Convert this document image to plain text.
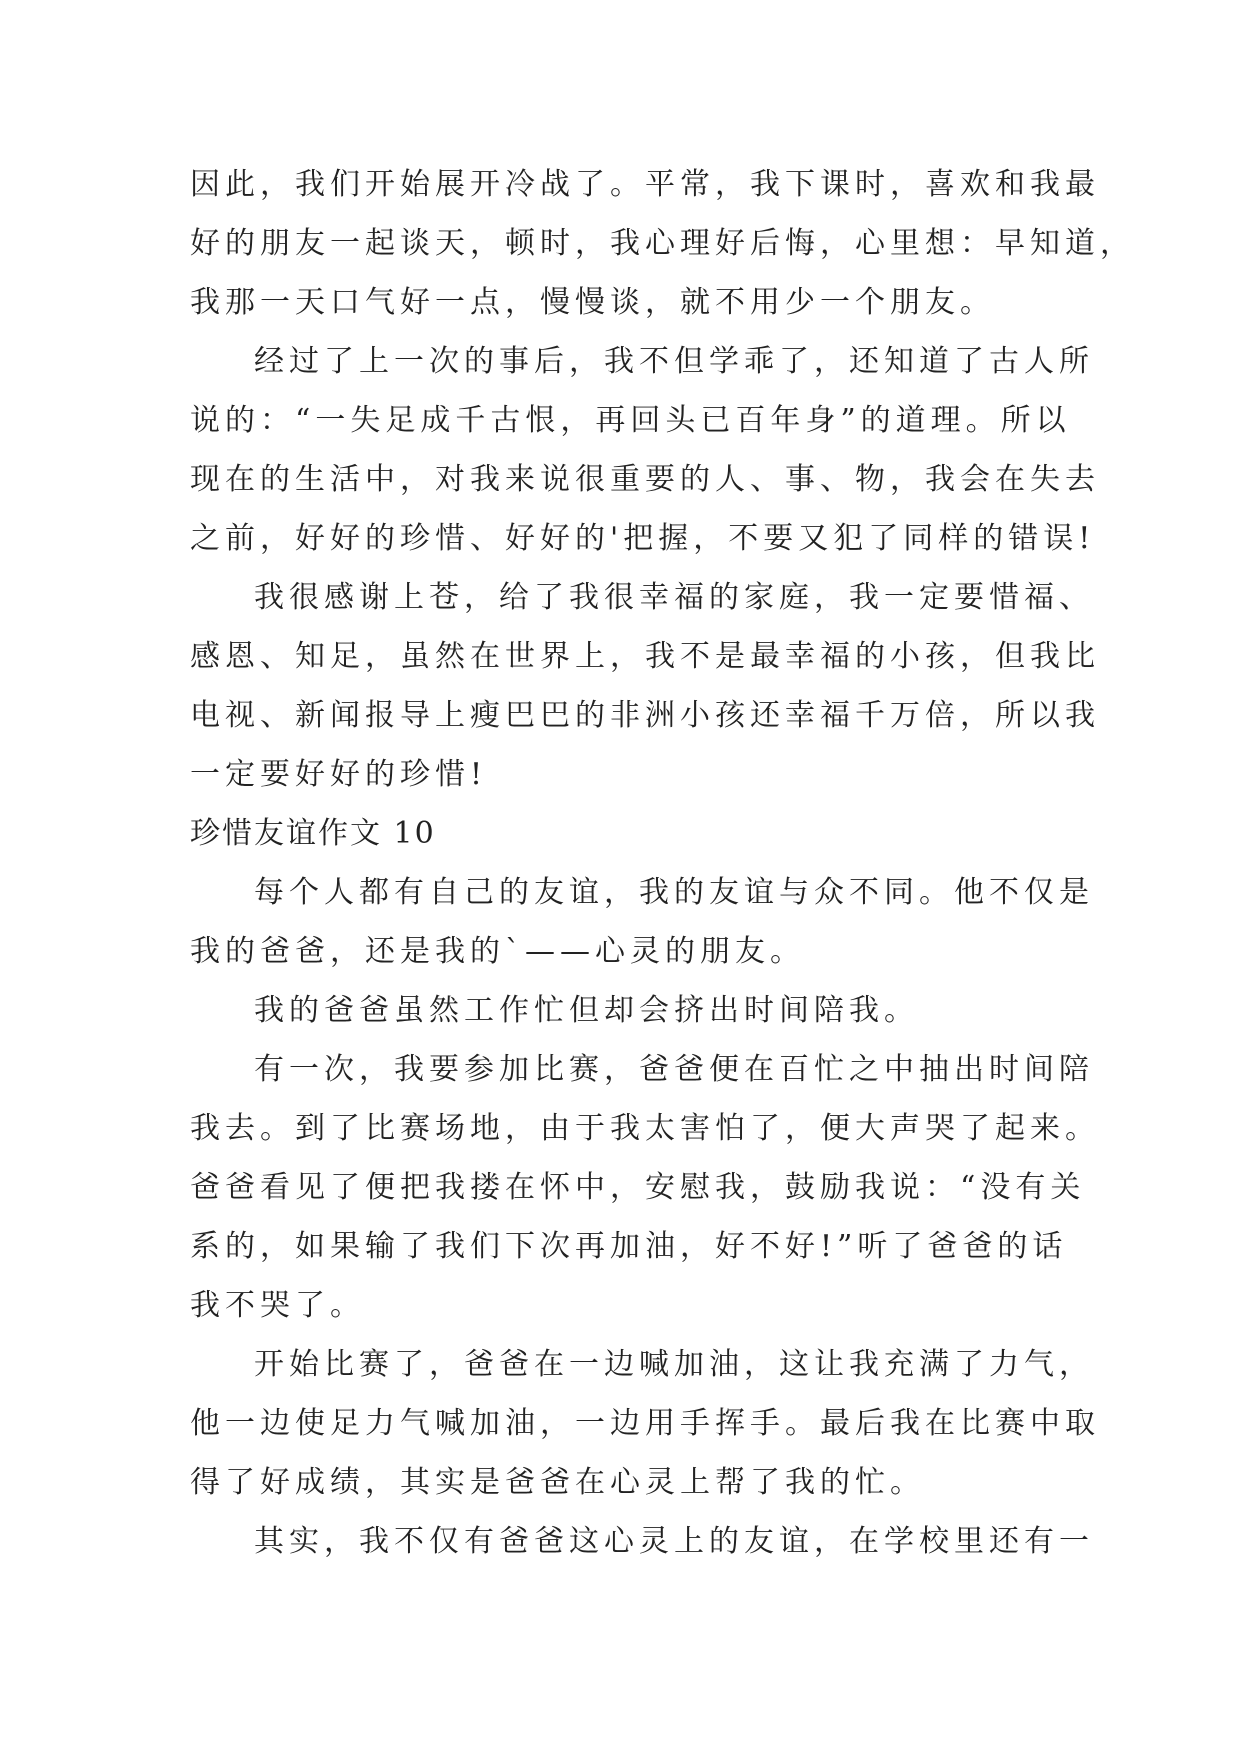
因此，我们开始展开冷战了。平常，我下课时，喜欢和我最
好的朋友一起谈天，顿时，我心理好后悔，心里想：早知道，
我那一天口气好一点，慢慢谈，就不用少一个朋友。
经过了上一次的事后，我不但学乖了，还知道了古人所
说的：“一失足成千古恨，再回头已百年身”的道理。所以
现在的生活中，对我来说很重要的人、事、物，我会在失去
之前，好好的珍惜、好好的'把握，不要又犯了同样的错误!
我很感谢上苍，给了我很幸福的家庭，我一定要惜福、
感恩、知足，虽然在世界上，我不是最幸福的小孩，但我比
电视、新闻报导上瘦巴巴的非洲小孩还幸福千万倍，所以我
一定要好好的珍惜!
珍惜友谊作文 10
每个人都有自己的友谊，我的友谊与众不同。他不仅是
我的爸爸，还是我的`——心灵的朋友。
我的爸爸虽然工作忙但却会挤出时间陪我。
有一次，我要参加比赛，爸爸便在百忙之中抽出时间陪
我去。到了比赛场地，由于我太害怕了，便大声哭了起来。
爸爸看见了便把我搂在怀中，安慰我，鼓励我说：“没有关
系的，如果输了我们下次再加油，好不好!”听了爸爸的话
我不哭了。
开始比赛了，爸爸在一边喊加油，这让我充满了力气，
他一边使足力气喊加油，一边用手挥手。最后我在比赛中取
得了好成绩，其实是爸爸在心灵上帮了我的忙。
其实，我不仅有爸爸这心灵上的友谊，在学校里还有一
